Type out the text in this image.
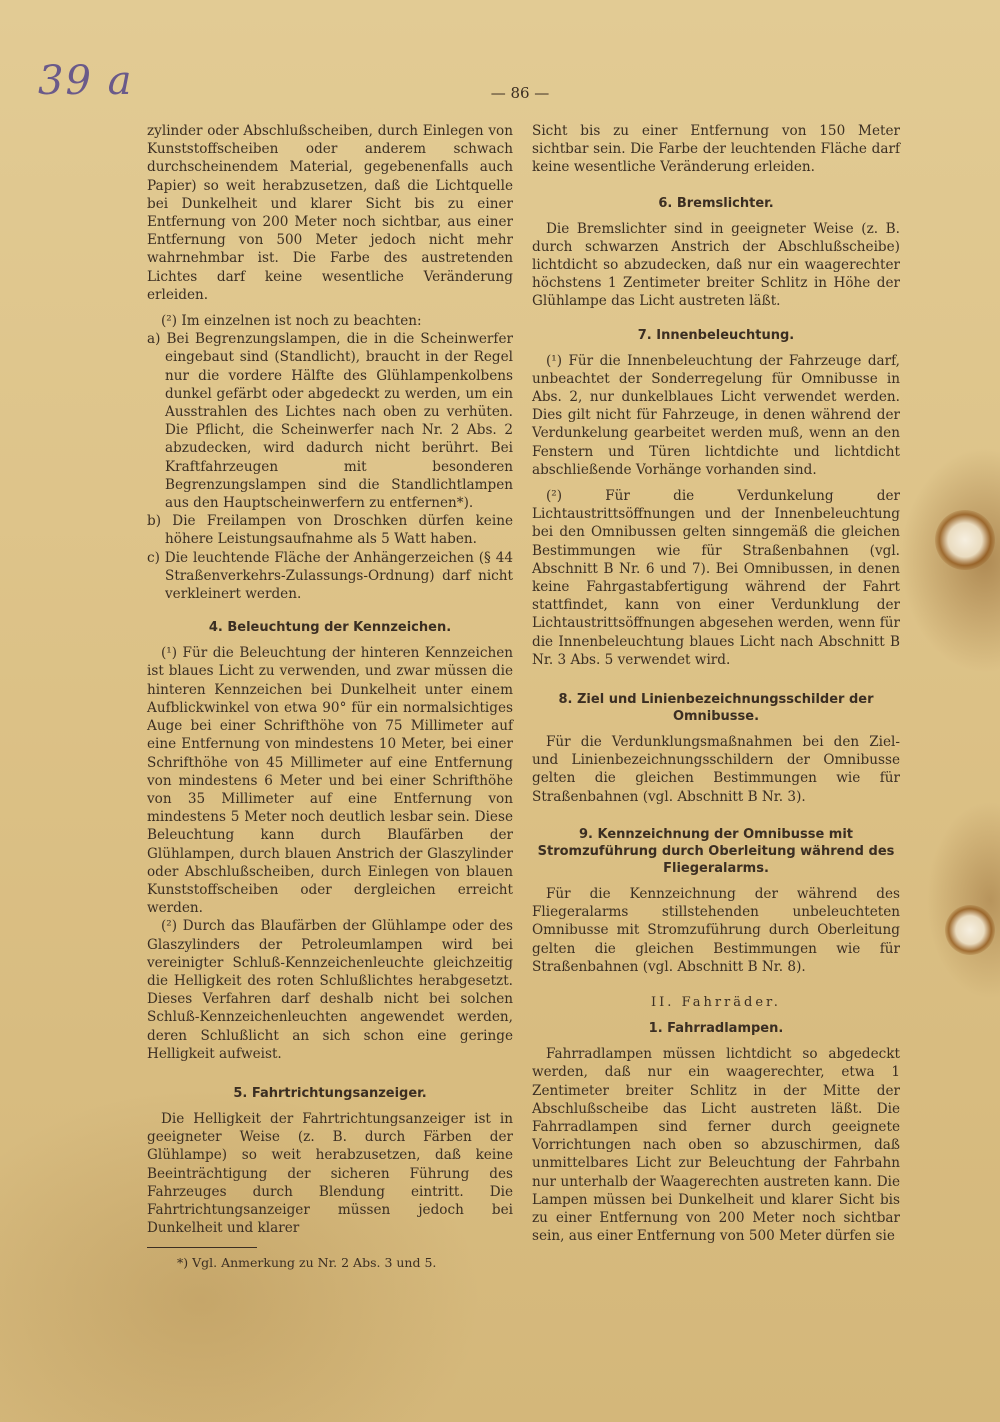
39 a	— 86 —

zylinder oder Abschlußscheiben, durch Einlegen von Kunststoffscheiben oder anderem schwach durchscheinendem Material, gegebenenfalls auch Papier) so weit herabzusetzen, daß die Lichtquelle bei Dunkelheit und klarer Sicht bis zu einer Entfernung von 200 Meter noch sichtbar, aus einer Entfernung von 500 Meter jedoch nicht mehr wahrnehmbar ist. Die Farbe des austretenden Lichtes darf keine wesentliche Veränderung erleiden.

(²) Im einzelnen ist noch zu beachten:

a) Bei Begrenzungslampen, die in die Scheinwerfer eingebaut sind (Standlicht), braucht in der Regel nur die vordere Hälfte des Glühlampenkolbens dunkel gefärbt oder abgedeckt zu werden, um ein Ausstrahlen des Lichtes nach oben zu verhüten. Die Pflicht, die Scheinwerfer nach Nr. 2 Abs. 2 abzudecken, wird dadurch nicht berührt. Bei Kraftfahrzeugen mit besonderen Begrenzungslampen sind die Standlichtlampen aus den Hauptscheinwerfern zu entfernen*).

b) Die Freilampen von Droschken dürfen keine höhere Leistungsaufnahme als 5 Watt haben.

c) Die leuchtende Fläche der Anhängerzeichen (§ 44 Straßenverkehrs-Zulassungs-Ordnung) darf nicht verkleinert werden.

4. Beleuchtung der Kennzeichen.

(¹) Für die Beleuchtung der hinteren Kennzeichen ist blaues Licht zu verwenden, und zwar müssen die hinteren Kennzeichen bei Dunkelheit unter einem Aufblickwinkel von etwa 90° für ein normalsichtiges Auge bei einer Schrifthöhe von 75 Millimeter auf eine Entfernung von mindestens 10 Meter, bei einer Schrifthöhe von 45 Millimeter auf eine Entfernung von mindestens 6 Meter und bei einer Schrifthöhe von 35 Millimeter auf eine Entfernung von mindestens 5 Meter noch deutlich lesbar sein. Diese Beleuchtung kann durch Blaufärben der Glühlampen, durch blauen Anstrich der Glaszylinder oder Abschlußscheiben, durch Einlegen von blauen Kunststoffscheiben oder dergleichen erreicht werden.

(²) Durch das Blaufärben der Glühlampe oder des Glaszylinders der Petroleumlampen wird bei vereinigter Schluß-Kennzeichenleuchte gleichzeitig die Helligkeit des roten Schlußlichtes herabgesetzt. Dieses Verfahren darf deshalb nicht bei solchen Schluß-Kennzeichenleuchten angewendet werden, deren Schlußlicht an sich schon eine geringe Helligkeit aufweist.

5. Fahrtrichtungsanzeiger.

Die Helligkeit der Fahrtrichtungsanzeiger ist in geeigneter Weise (z. B. durch Färben der Glühlampe) so weit herabzusetzen, daß keine Beeinträchtigung der sicheren Führung des Fahrzeuges durch Blendung eintritt. Die Fahrtrichtungsanzeiger müssen jedoch bei Dunkelheit und klarer

*) Vgl. Anmerkung zu Nr. 2 Abs. 3 und 5.

Sicht bis zu einer Entfernung von 150 Meter sichtbar sein. Die Farbe der leuchtenden Fläche darf keine wesentliche Veränderung erleiden.

6. Bremslichter.

Die Bremslichter sind in geeigneter Weise (z. B. durch schwarzen Anstrich der Abschlußscheibe) lichtdicht so abzudecken, daß nur ein waagerechter höchstens 1 Zentimeter breiter Schlitz in Höhe der Glühlampe das Licht austreten läßt.

7. Innenbeleuchtung.

(¹) Für die Innenbeleuchtung der Fahrzeuge darf, unbeachtet der Sonderregelung für Omnibusse in Abs. 2, nur dunkelblaues Licht verwendet werden. Dies gilt nicht für Fahrzeuge, in denen während der Verdunkelung gearbeitet werden muß, wenn an den Fenstern und Türen lichtdichte und lichtdicht abschließende Vorhänge vorhanden sind.

(²) Für die Verdunkelung der Lichtaustrittsöffnungen und der Innenbeleuchtung bei den Omnibussen gelten sinngemäß die gleichen Bestimmungen wie für Straßenbahnen (vgl. Abschnitt B Nr. 6 und 7). Bei Omnibussen, in denen keine Fahrgastabfertigung während der Fahrt stattfindet, kann von einer Verdunklung der Lichtaustrittsöffnungen abgesehen werden, wenn für die Innenbeleuchtung blaues Licht nach Abschnitt B Nr. 3 Abs. 5 verwendet wird.

8. Ziel und Linienbezeichnungsschilder der Omnibusse.

Für die Verdunklungsmaßnahmen bei den Ziel- und Linienbezeichnungsschildern der Omnibusse gelten die gleichen Bestimmungen wie für Straßenbahnen (vgl. Abschnitt B Nr. 3).

9. Kennzeichnung der Omnibusse mit Stromzuführung durch Oberleitung während des Fliegeralarms.

Für die Kennzeichnung der während des Fliegeralarms stillstehenden unbeleuchteten Omnibusse mit Stromzuführung durch Oberleitung gelten die gleichen Bestimmungen wie für Straßenbahnen (vgl. Abschnitt B Nr. 8).

II. Fahrräder.
1. Fahrradlampen.

Fahrradlampen müssen lichtdicht so abgedeckt werden, daß nur ein waagerechter, etwa 1 Zentimeter breiter Schlitz in der Mitte der Abschlußscheibe das Licht austreten läßt. Die Fahrradlampen sind ferner durch geeignete Vorrichtungen nach oben so abzuschirmen, daß unmittelbares Licht zur Beleuchtung der Fahrbahn nur unterhalb der Waagerechten austreten kann. Die Lampen müssen bei Dunkelheit und klarer Sicht bis zu einer Entfernung von 200 Meter noch sichtbar sein, aus einer Entfernung von 500 Meter dürfen sie
